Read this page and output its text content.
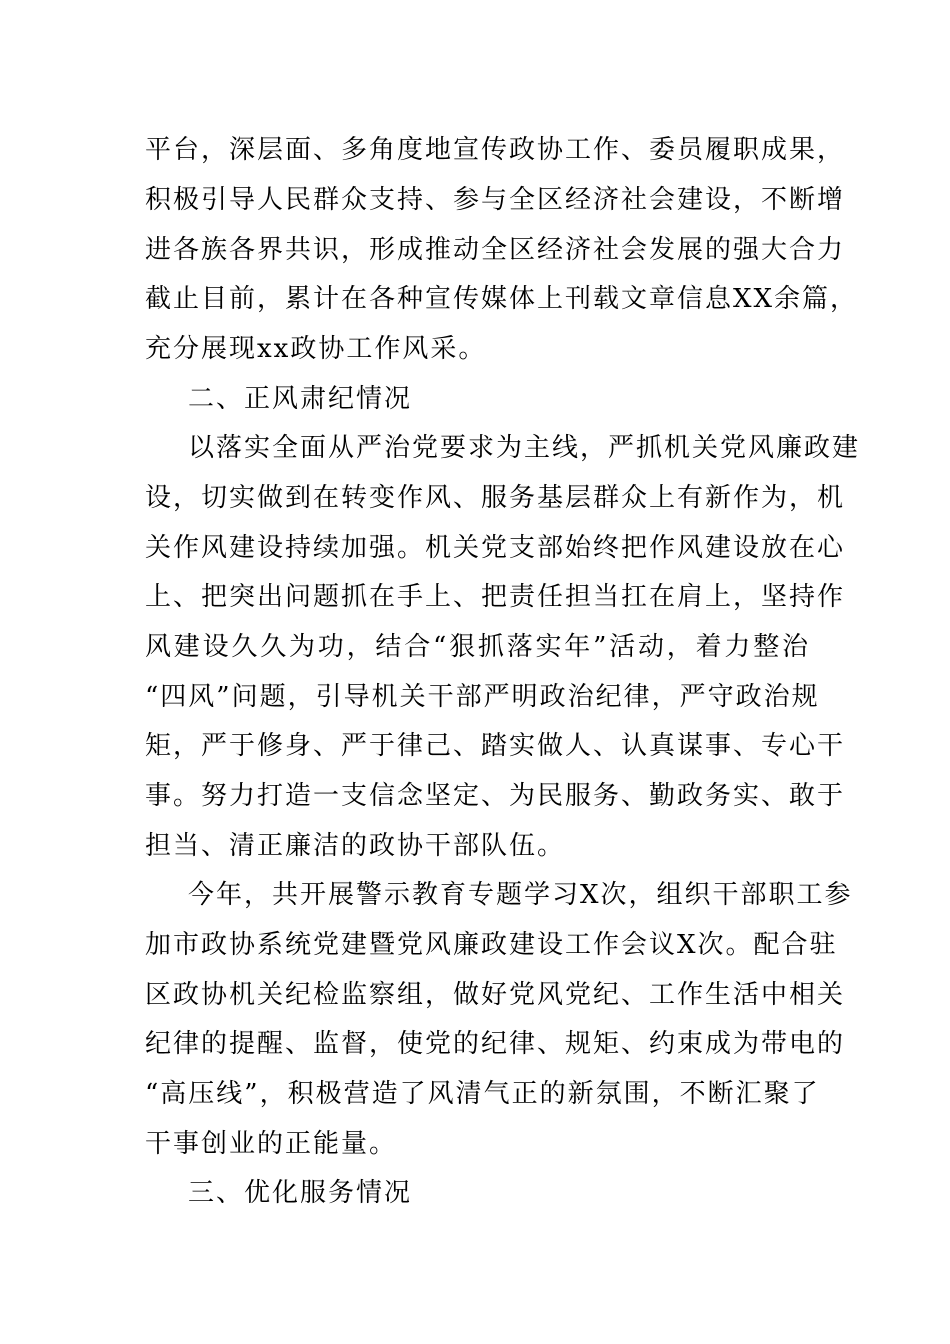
平台，深层面、多角度地宣传政协工作、委员履职成果，
积极引导人民群众支持、参与全区经济社会建设，不断增
进各族各界共识，形成推动全区经济社会发展的强大合力
截止目前，累计在各种宣传媒体上刊载文章信息XX余篇，
充分展现xx政协工作风采。
二、正风肃纪情况
以落实全面从严治党要求为主线，严抓机关党风廉政建
设，切实做到在转变作风、服务基层群众上有新作为，机
关作风建设持续加强。机关党支部始终把作风建设放在心
上、把突出问题抓在手上、把责任担当扛在肩上，坚持作
风建设久久为功，结合“狠抓落实年”活动，着力整治
“四风”问题，引导机关干部严明政治纪律，严守政治规
矩，严于修身、严于律己、踏实做人、认真谋事、专心干
事。努力打造一支信念坚定、为民服务、勤政务实、敢于
担当、清正廉洁的政协干部队伍。
今年，共开展警示教育专题学习X次，组织干部职工参
加市政协系统党建暨党风廉政建设工作会议X次。配合驻
区政协机关纪检监察组，做好党风党纪、工作生活中相关
纪律的提醒、监督，使党的纪律、规矩、约束成为带电的
“高压线”，积极营造了风清气正的新氛围，不断汇聚了
干事创业的正能量。
三、优化服务情况
